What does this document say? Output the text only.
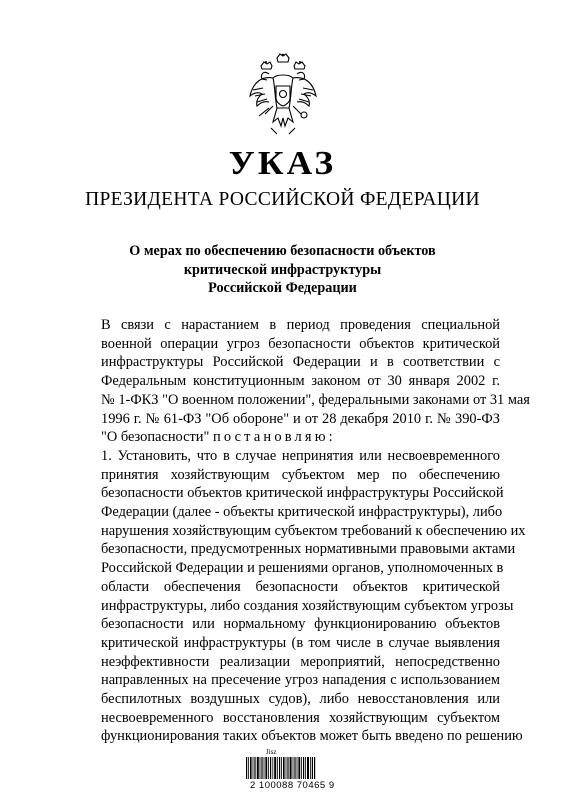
УКАЗ
ПРЕЗИДЕНТА РОССИЙСКОЙ ФЕДЕРАЦИИ
О мерах по обеспечению безопасности объектов
критической инфраструктуры
Российской Федерации
В связи с нарастанием в период проведения специальной
военной операции угроз безопасности объектов критической
инфраструктуры Российской Федерации и в соответствии с
Федеральным конституционным законом от 30 января 2002 г.
№ 1-ФКЗ "О военном положении", федеральными законами от 31 мая
1996 г. № 61-ФЗ "Об обороне" и от 28 декабря 2010 г. № 390-ФЗ
"О безопасности" постановляю:
1. Установить, что в случае непринятия или несвоевременного
принятия хозяйствующим субъектом мер по обеспечению
безопасности объектов критической инфраструктуры Российской
Федерации (далее - объекты критической инфраструктуры), либо
нарушения хозяйствующим субъектом требований к обеспечению их
безопасности, предусмотренных нормативными правовыми актами
Российской Федерации и решениями органов, уполномоченных в
области обеспечения безопасности объектов критической
инфраструктуры, либо создания хозяйствующим субъектом угрозы
безопасности или нормальному функционированию объектов
критической инфраструктуры (в том числе в случае выявления
неэффективности реализации мероприятий, непосредственно
направленных на пресечение угроз нападения с использованием
беспилотных воздушных судов), либо невосстановления или
несвоевременного восстановления хозяйствующим субъектом
функционирования таких объектов может быть введено по решению
Jisz
2 100088 70465 9
